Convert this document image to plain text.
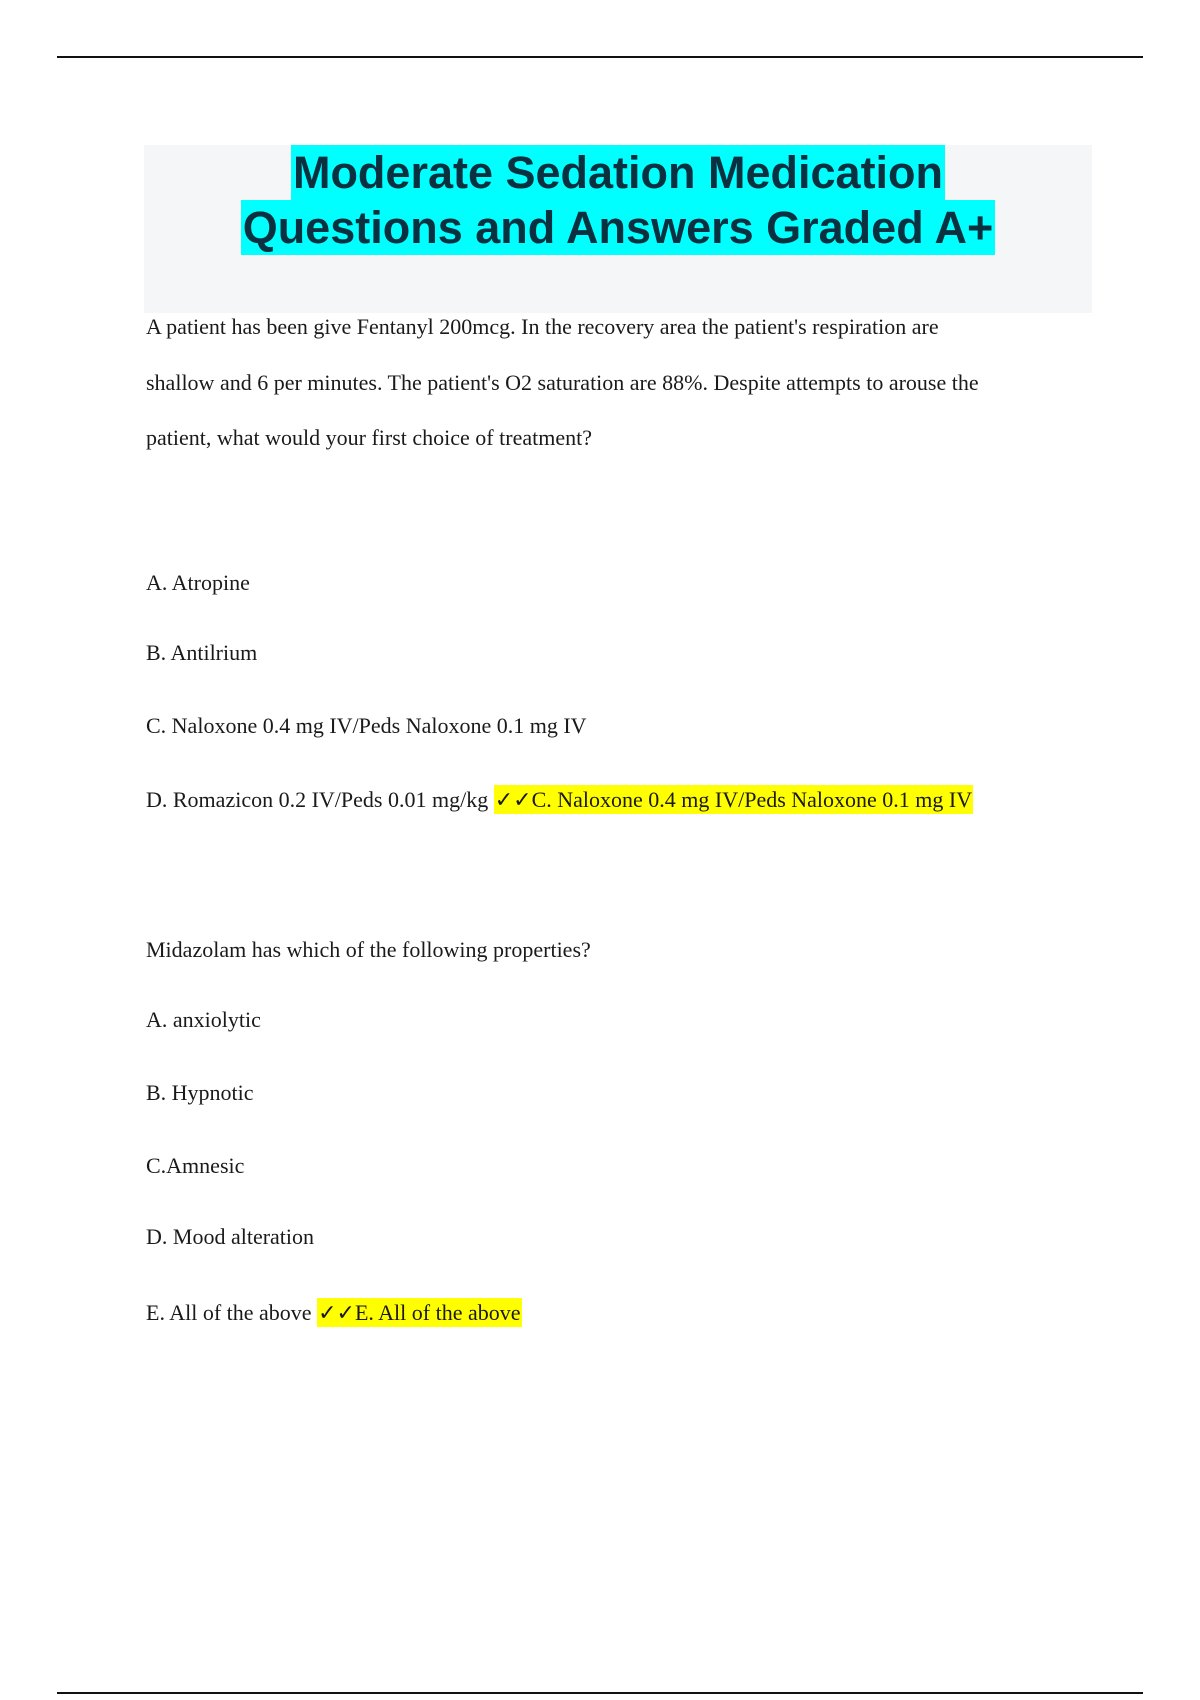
Moderate Sedation Medication
Questions and Answers Graded A+

A patient has been give Fentanyl 200mcg. In the recovery area the patient's respiration are

shallow and 6 per minutes. The patient's O2 saturation are 88%. Despite attempts to arouse the

patient, what would your first choice of treatment?

A. Atropine

B. Antilrium

C. Naloxone 0.4 mg IV/Peds Naloxone 0.1 mg IV

D. Romazicon 0.2 IV/Peds 0.01 mg/kg ✓✓C. Naloxone 0.4 mg IV/Peds Naloxone 0.1 mg IV

Midazolam has which of the following properties?

A. anxiolytic

B. Hypnotic

C.Amnesic

D. Mood alteration

E. All of the above ✓✓E. All of the above
